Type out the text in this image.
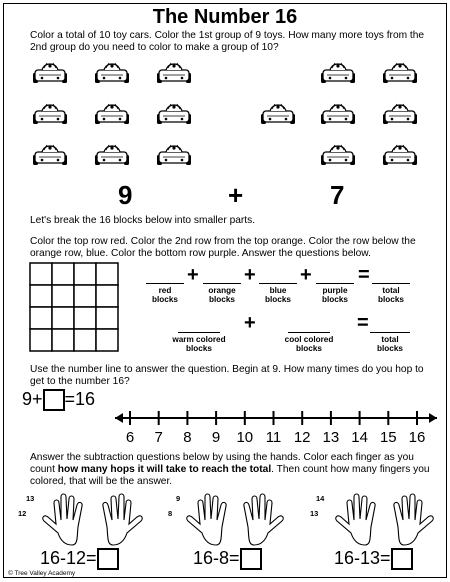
The Number 16
Color a total of 10 toy cars. Color the 1st group of 9 toys. How many more toys from the 2nd group do you need to color to make a group of 10?
9	+	7
Let's break the 16 blocks below into smaller parts.
Color the top row red. Color the 2nd row from the top orange. Color the row below the orange row, blue. Color the bottom row purple. Answer the questions below.
+ + + =
red
blocks
orange
blocks
blue
blocks
purple
blocks
total
blocks
+	=
warm colored
blocks
cool colored
blocks
total
blocks
Use the number line to answer the question. Begin at 9. How many times do you hop to get to the number 16?
9+ =16
6 7 8 9 10 11 12 13 14 15 16
Answer the subtraction questions below by using the hands. Color each finger as you count how many hops it will take to reach the total. Then count how many fingers you colored, that will be the answer.
13
12
9
8
14
13
16-12=	16-8=	16-13=
© Tree Valley Academy
